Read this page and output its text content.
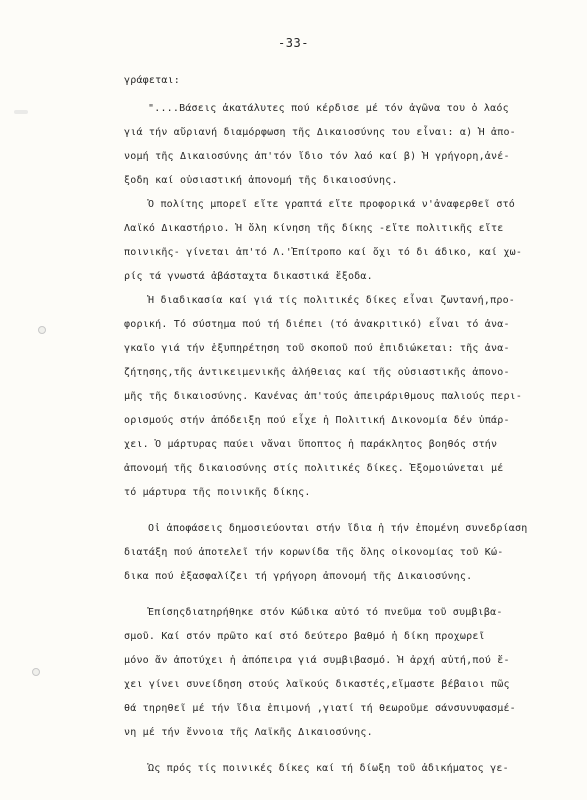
-33-
γράφεται:
"....Βάσεις ἀκατάλυτες πού κέρδισε μέ τόν ἀγῶνα του ὁ λαός
γιά τήν αὔριανή διαμόρφωση τῆς Δικαιοσύνης του εἶναι: α) Ἡ ἀπο-
νομή τῆς Δικαιοσύνης ἀπ'τόν ἴδιο τόν λαό καί β) Ἡ γρήγορη,ἀνέ-
ξοδη καί οὐσιαστική ἀπονομή τῆς δικαιοσύνης.
Ὁ πολίτης μπορεῖ εἴτε γραπτά εἴτε προφορικά ν'ἀναφερθεῖ στό
Λαϊκό Δικαστήριο. Ἡ ὅλη κίνηση τῆς δίκης -εἴτε πολιτικῆς εἴτε
ποινικῆς- γίνεται ἀπ'τό Λ.'Ἐπίτροπο καί ὄχι τό δι άδικο, καί χω-
ρίς τά γνωστά ἀβάσταχτα δικαστικά ἔξοδα.
Ἡ διαδικασία καί γιά τίς πολιτικές δίκες εἶναι ζωντανή,προ-
φορική. Τό σύστημα πού τή διέπει (τό ἀνακριτικό) εἶναι τό ἀνα-
γκαῖο γιά τήν ἐξυπηρέτηση τοῦ σκοποῦ πού ἐπιδιώκεται: τῆς ἀνα-
ζήτησης,τῆς ἀντικειμενικῆς ἀλήθειας καί τῆς οὐσιαστικῆς ἀπονο-
μῆς τῆς δικαιοσύνης. Κανένας ἀπ'τούς ἀπειράριθμους παλιούς περι-
ορισμούς στήν ἀπόδειξη πού εἶχε ἡ Πολιτική Δικονομία δέν ὑπάρ-
χει. Ὁ μάρτυρας παύει νἄναι ὕποπτος ἡ παράκλητος βοηθός στήν
ἀπονομή τῆς δικαιοσύνης στίς πολιτικές δίκες. Ἐξομοιώνεται μέ
τό μάρτυρα τῆς ποινικῆς δίκης.
Οἱ ἀποφάσεις δημοσιεύονται στήν ἴδια ἡ τήν ἑπομένη συνεδρίαση
διατάξη πού ἀποτελεῖ τήν κορωνίδα τῆς ὅλης οἰκονομίας τοῦ Κώ-
δικα πού ἐξασφαλίζει τή γρήγορη ἀπονομή τῆς Δικαιοσύνης.
Ἐπίσηςδιατηρήθηκε στόν Κώδικα αὐτό τό πνεῦμα τοῦ συμβιβα-
σμοῦ. Καί στόν πρῶτο καί στό δεύτερο βαθμό ἡ δίκη προχωρεῖ
μόνο ἄν ἀποτύχει ἡ ἀπόπειρα γιά συμβιβασμό. Ἡ ἀρχή αὐτή,πού ἔ-
χει γίνει συνείδηση στούς λαϊκούς δικαστές,εἴμαστε βέβαιοι πῶς
θά τηρηθεῖ μέ τήν ἴδια ἐπιμονή ,γιατί τή θεωροῦμε σάνσυνυφασμέ-
νη μέ τήν ἔννοια τῆς Λαϊκῆς Δικαιοσύνης.
Ὡς πρός τίς ποινικές δίκες καί τή δίωξη τοῦ ἀδικήματος γε-
